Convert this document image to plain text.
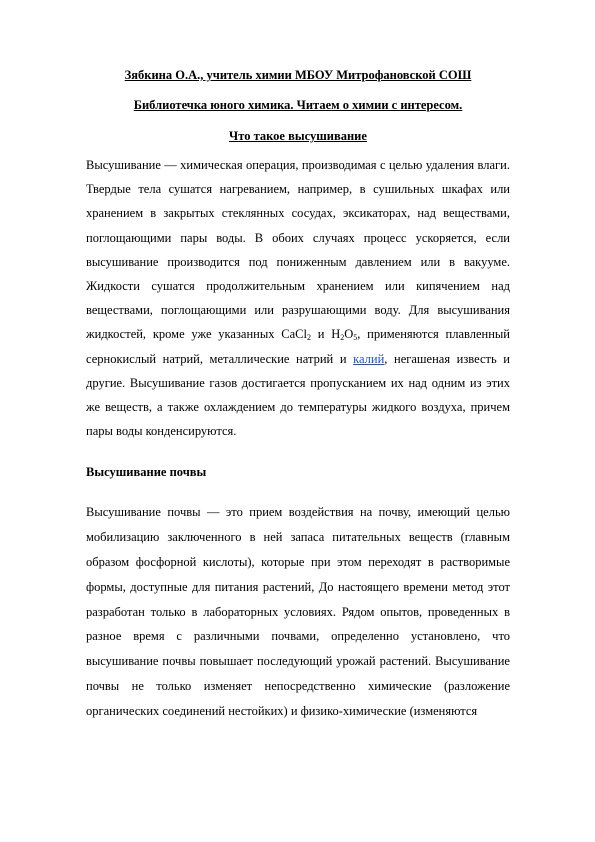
Зябкина О.А., учитель химии МБОУ Митрофановской СОШ

Библиотечка юного химика. Читаем о химии с интересом.

Что такое высушивание

Высушивание — химическая операция, производимая с целью удаления влаги. Твердые тела сушатся нагреванием, например, в сушильных шкафах или хранением в закрытых стеклянных сосудах, эксикаторах, над веществами, поглощающими пары воды. В обоих случаях процесс ускоряется, если высушивание производится под пониженным давлением или в вакууме. Жидкости сушатся продолжительным хранением или кипячением над веществами, поглощающими или разрушающими воду. Для высушивания жидкостей, кроме уже указанных CaCl$_2$ и $H_2O_5$, применяются плавленный сернокислый натрий, металлические натрий и калий, негашеная известь и другие. Высушивание газов достигается пропусканием их над одним из этих же веществ, а также охлаждением до температуры жидкого воздуха, причем пары воды конденсируются.

Высушивание почвы

Высушивание почвы — это прием воздействия на почву, имеющий целью мобилизацию заключенного в ней запаса питательных веществ (главным образом фосфорной кислоты), которые при этом переходят в растворимые формы, доступные для питания растений, До настоящего времени метод этот разработан только в лабораторных условиях. Рядом опытов, проведенных в разное время с различными почвами, определенно установлено, что высушивание почвы повышает последующий урожай растений. Высушивание почвы не только изменяет непосредственно химические (разложение органических соединений нестойких) и физико-химические (изменяются
